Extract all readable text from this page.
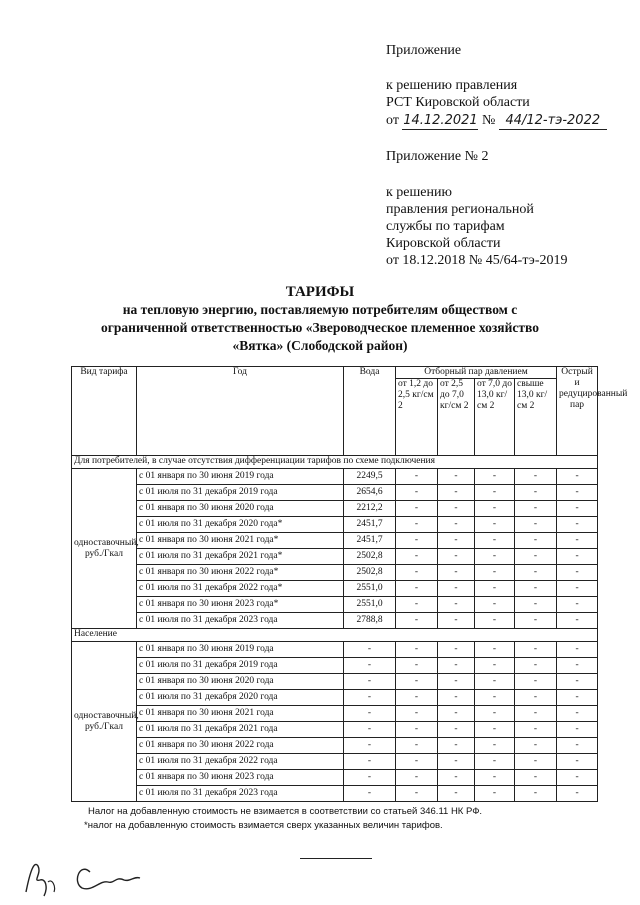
Приложение
к решению правления
РСТ Кировской области
от 14.12.2021 № 44/12-тэ-2022
Приложение № 2
к решению
правления региональной
службы по тарифам
Кировской области
от 18.12.2018 № 45/64-тэ-2019
ТАРИФЫ
на тепловую энергию, поставляемую потребителям обществом с
ограниченной ответственностью «Звероводческое племенное хозяйство
«Вятка» (Слободской район)
Вид тарифа	Год	Вода	Отборный пар давлением				Острый и редуцированный пар
			от 1,2 до 2,5 кг/см 2	от 2,5 до 7,0 кг/см 2	от 7,0 до 13,0 кг/см 2	свыше 13,0 кг/см 2	
Для потребителей, в случае отсутствия дифференциации тарифов по схеме подключения							
одноставочный, руб./Гкал	с 01 января по 30 июня 2019 года	2249,5	-	-	-	-	-
	с 01 июля по 31 декабря 2019 года	2654,6	-	-	-	-	-
	с 01 января по 30 июня 2020 года	2212,2	-	-	-	-	-
	с 01 июля по 31 декабря 2020 года*	2451,7	-	-	-	-	-
	с 01 января по 30 июня 2021 года*	2451,7	-	-	-	-	-
	с 01 июля по 31 декабря 2021 года*	2502,8	-	-	-	-	-
	с 01 января по 30 июня 2022 года*	2502,8	-	-	-	-	-
	с 01 июля по 31 декабря 2022 года*	2551,0	-	-	-	-	-
	с 01 января по 30 июня 2023 года*	2551,0	-	-	-	-	-
	с 01 июля по 31 декабря 2023 года	2788,8	-	-	-	-	-
Население							
одноставочный, руб./Гкал	с 01 января по 30 июня 2019 года	-	-	-	-	-	-
	с 01 июля по 31 декабря 2019 года	-	-	-	-	-	-
	с 01 января по 30 июня 2020 года	-	-	-	-	-	-
	с 01 июля по 31 декабря 2020 года	-	-	-	-	-	-
	с 01 января по 30 июня 2021 года	-	-	-	-	-	-
	с 01 июля по 31 декабря 2021 года	-	-	-	-	-	-
	с 01 января по 30 июня 2022 года	-	-	-	-	-	-
	с 01 июля по 31 декабря 2022 года	-	-	-	-	-	-
	с 01 января по 30 июня 2023 года	-	-	-	-	-	-
	с 01 июля по 31 декабря 2023 года	-	-	-	-	-	-
Налог на добавленную стоимость не взимается в соответствии со статьей 346.11 НК РФ.
*налог на добавленную стоимость взимается сверх указанных величин тарифов.
